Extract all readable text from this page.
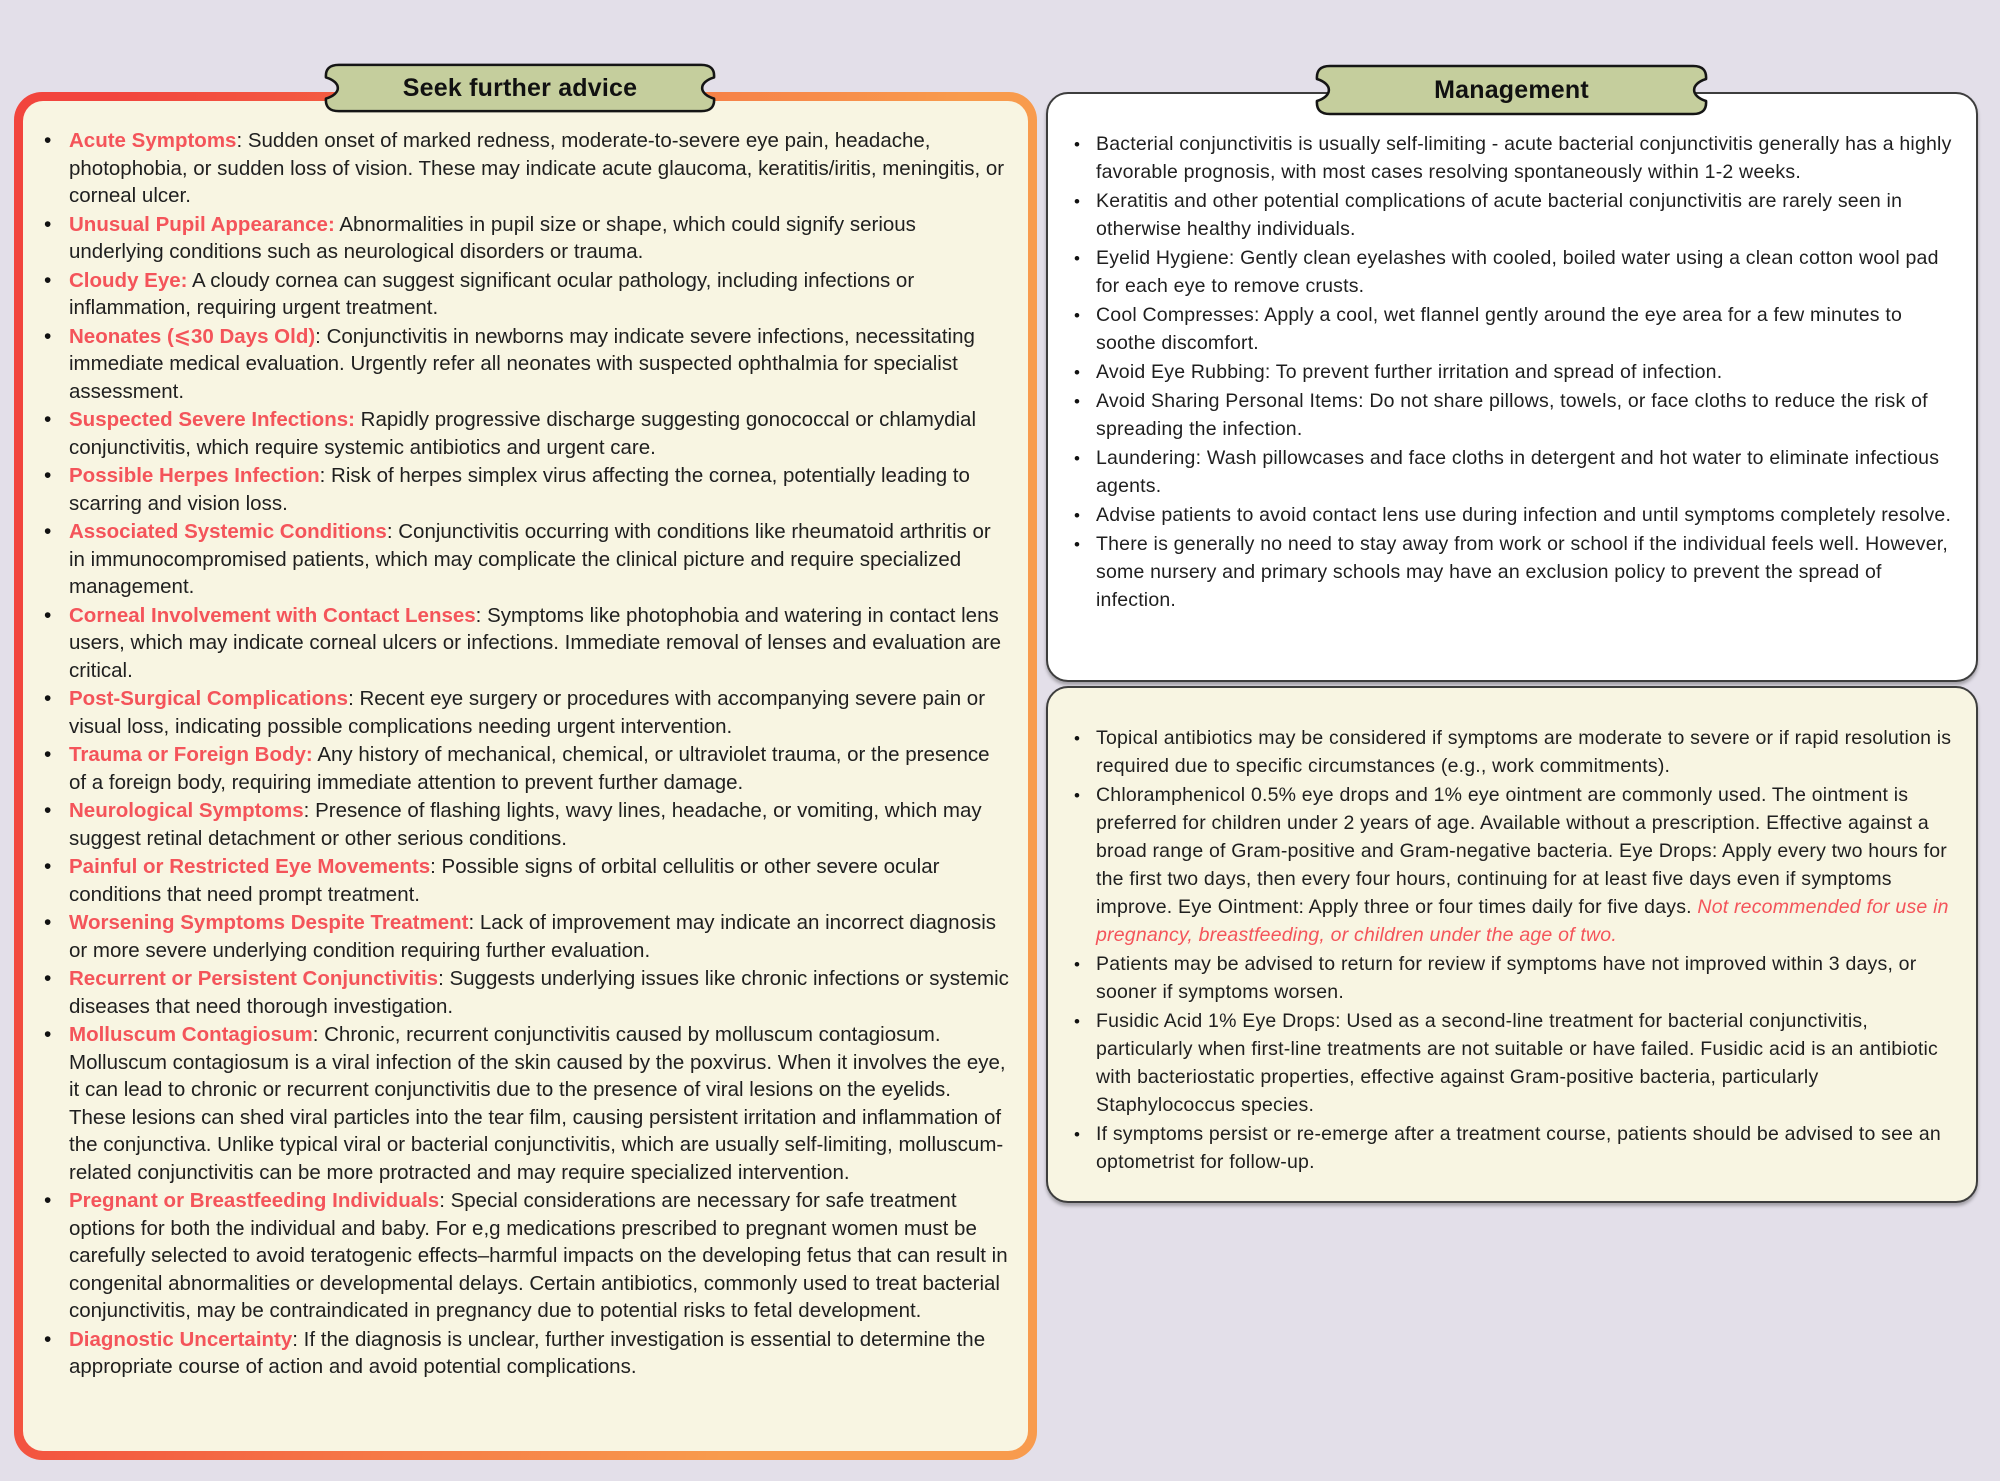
• Acute Symptoms: Sudden onset of marked redness, moderate-to-severe eye pain, headache, photophobia, or sudden loss of vision. These may indicate acute glaucoma, keratitis/iritis, meningitis, or corneal ulcer.
• Unusual Pupil Appearance: Abnormalities in pupil size or shape, which could signify serious underlying conditions such as neurological disorders or trauma.
• Cloudy Eye: A cloudy cornea can suggest significant ocular pathology, including infections or inflammation, requiring urgent treatment.
• Neonates (⩽30 Days Old): Conjunctivitis in newborns may indicate severe infections, necessitating immediate medical evaluation. Urgently refer all neonates with suspected ophthalmia for specialist assessment.
• Suspected Severe Infections: Rapidly progressive discharge suggesting gonococcal or chlamydial conjunctivitis, which require systemic antibiotics and urgent care.
• Possible Herpes Infection: Risk of herpes simplex virus affecting the cornea, potentially leading to scarring and vision loss.
• Associated Systemic Conditions: Conjunctivitis occurring with conditions like rheumatoid arthritis or in immunocompromised patients, which may complicate the clinical picture and require specialized management.
• Corneal Involvement with Contact Lenses: Symptoms like photophobia and watering in contact lens users, which may indicate corneal ulcers or infections. Immediate removal of lenses and evaluation are critical.
• Post-Surgical Complications: Recent eye surgery or procedures with accompanying severe pain or visual loss, indicating possible complications needing urgent intervention.
• Trauma or Foreign Body: Any history of mechanical, chemical, or ultraviolet trauma, or the presence of a foreign body, requiring immediate attention to prevent further damage.
• Neurological Symptoms: Presence of flashing lights, wavy lines, headache, or vomiting, which may suggest retinal detachment or other serious conditions.
• Painful or Restricted Eye Movements: Possible signs of orbital cellulitis or other severe ocular conditions that need prompt treatment.
• Worsening Symptoms Despite Treatment: Lack of improvement may indicate an incorrect diagnosis or more severe underlying condition requiring further evaluation.
• Recurrent or Persistent Conjunctivitis: Suggests underlying issues like chronic infections or systemic diseases that need thorough investigation.
• Molluscum Contagiosum: Chronic, recurrent conjunctivitis caused by molluscum contagiosum. Molluscum contagiosum is a viral infection of the skin caused by the poxvirus. When it involves the eye, it can lead to chronic or recurrent conjunctivitis due to the presence of viral lesions on the eyelids. These lesions can shed viral particles into the tear film, causing persistent irritation and inflammation of the conjunctiva. Unlike typical viral or bacterial conjunctivitis, which are usually self-limiting, molluscum-related conjunctivitis can be more protracted and may require specialized intervention.
• Pregnant or Breastfeeding Individuals: Special considerations are necessary for safe treatment options for both the individual and baby. For e,g medications prescribed to pregnant women must be carefully selected to avoid teratogenic effects–harmful impacts on the developing fetus that can result in congenital abnormalities or developmental delays. Certain antibiotics, commonly used to treat bacterial conjunctivitis, may be contraindicated in pregnancy due to potential risks to fetal development.
• Diagnostic Uncertainty: If the diagnosis is unclear, further investigation is essential to determine the appropriate course of action and avoid potential complications.
• Bacterial conjunctivitis is usually self-limiting - acute bacterial conjunctivitis generally has a highly favorable prognosis, with most cases resolving spontaneously within 1-2 weeks.
• Keratitis and other potential complications of acute bacterial conjunctivitis are rarely seen in otherwise healthy individuals.
• Eyelid Hygiene: Gently clean eyelashes with cooled, boiled water using a clean cotton wool pad for each eye to remove crusts.
• Cool Compresses: Apply a cool, wet flannel gently around the eye area for a few minutes to soothe discomfort.
• Avoid Eye Rubbing: To prevent further irritation and spread of infection.
• Avoid Sharing Personal Items: Do not share pillows, towels, or face cloths to reduce the risk of spreading the infection.
• Laundering: Wash pillowcases and face cloths in detergent and hot water to eliminate infectious agents.
• Advise patients to avoid contact lens use during infection and until symptoms completely resolve.
• There is generally no need to stay away from work or school if the individual feels well. However, some nursery and primary schools may have an exclusion policy to prevent the spread of infection.
• Topical antibiotics may be considered if symptoms are moderate to severe or if rapid resolution is required due to specific circumstances (e.g., work commitments).
• Chloramphenicol 0.5% eye drops and 1% eye ointment are commonly used. The ointment is preferred for children under 2 years of age. Available without a prescription. Effective against a broad range of Gram-positive and Gram-negative bacteria. Eye Drops: Apply every two hours for the first two days, then every four hours, continuing for at least five days even if symptoms improve. Eye Ointment: Apply three or four times daily for five days. Not recommended for use in pregnancy, breastfeeding, or children under the age of two.
• Patients may be advised to return for review if symptoms have not improved within 3 days, or sooner if symptoms worsen.
• Fusidic Acid 1% Eye Drops: Used as a second-line treatment for bacterial conjunctivitis, particularly when first-line treatments are not suitable or have failed. Fusidic acid is an antibiotic with bacteriostatic properties, effective against Gram-positive bacteria, particularly Staphylococcus species.
• If symptoms persist or re-emerge after a treatment course, patients should be advised to see an optometrist for follow-up.
Seek further advice	Management
